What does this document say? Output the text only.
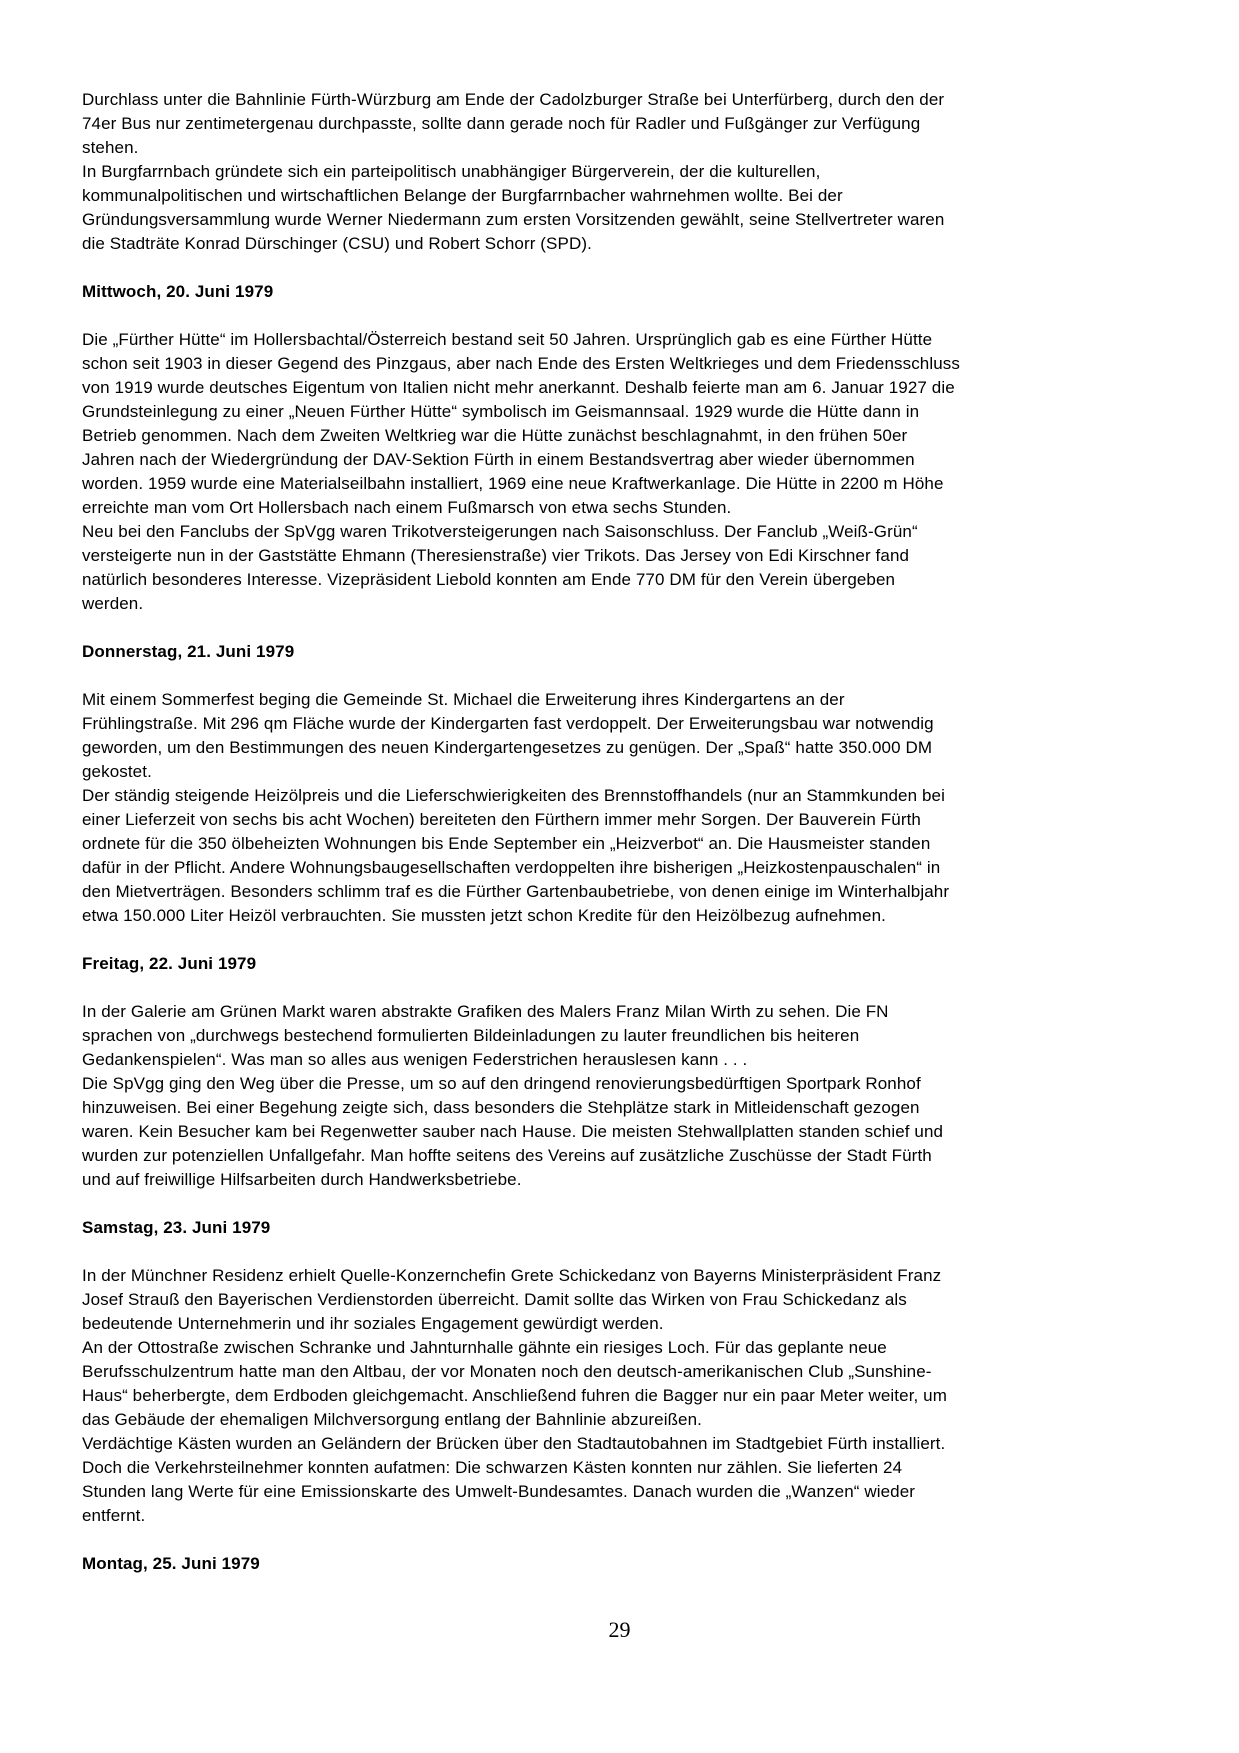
Durchlass unter die Bahnlinie Fürth-Würzburg am Ende der Cadolzburger Straße bei Unterfürberg, durch den der
74er Bus nur zentimetergenau durchpasste, sollte dann gerade noch für Radler und Fußgänger zur Verfügung
stehen.
In Burgfarrnbach gründete sich ein parteipolitisch unabhängiger Bürgerverein, der die kulturellen,
kommunalpolitischen und wirtschaftlichen Belange der Burgfarrnbacher wahrnehmen wollte. Bei der
Gründungsversammlung wurde Werner Niedermann zum ersten Vorsitzenden gewählt, seine Stellvertreter waren
die Stadträte Konrad Dürschinger (CSU) und Robert Schorr (SPD).
Mittwoch, 20. Juni 1979
Die „Fürther Hütte“ im Hollersbachtal/Österreich bestand seit 50 Jahren. Ursprünglich gab es eine Fürther Hütte
schon seit 1903 in dieser Gegend des Pinzgaus, aber nach Ende des Ersten Weltkrieges und dem Friedensschluss
von 1919 wurde deutsches Eigentum von Italien nicht mehr anerkannt. Deshalb feierte man am 6. Januar 1927 die
Grundsteinlegung zu einer „Neuen Fürther Hütte“ symbolisch im Geismannsaal. 1929 wurde die Hütte dann in
Betrieb genommen. Nach dem Zweiten Weltkrieg war die Hütte zunächst beschlagnahmt, in den frühen 50er
Jahren nach der Wiedergründung der DAV-Sektion Fürth in einem Bestandsvertrag aber wieder übernommen
worden. 1959 wurde eine Materialseilbahn installiert, 1969 eine neue Kraftwerkanlage. Die Hütte in 2200 m Höhe
erreichte man vom Ort Hollersbach nach einem Fußmarsch von etwa sechs Stunden.
Neu bei den Fanclubs der SpVgg waren Trikotversteigerungen nach Saisonschluss. Der Fanclub „Weiß-Grün“
versteigerte nun in der Gaststätte Ehmann (Theresienstraße) vier Trikots. Das Jersey von Edi Kirschner fand
natürlich besonderes Interesse. Vizepräsident Liebold konnten am Ende 770 DM für den Verein übergeben
werden.
Donnerstag, 21. Juni 1979
Mit einem Sommerfest beging die Gemeinde St. Michael die Erweiterung ihres Kindergartens an der
Frühlingstraße. Mit 296 qm Fläche wurde der Kindergarten fast verdoppelt. Der Erweiterungsbau war notwendig
geworden, um den Bestimmungen des neuen Kindergartengesetzes zu genügen. Der „Spaß“ hatte 350.000 DM
gekostet.
Der ständig steigende Heizölpreis und die Lieferschwierigkeiten des Brennstoffhandels (nur an Stammkunden bei
einer Lieferzeit von sechs bis acht Wochen) bereiteten den Fürthern immer mehr Sorgen. Der Bauverein Fürth
ordnete für die 350 ölbeheizten Wohnungen bis Ende September ein „Heizverbot“ an. Die Hausmeister standen
dafür in der Pflicht. Andere Wohnungsbaugesellschaften verdoppelten ihre bisherigen „Heizkostenpauschalen“ in
den Mietverträgen. Besonders schlimm traf es die Fürther Gartenbaubetriebe, von denen einige im Winterhalbjahr
etwa 150.000 Liter Heizöl verbrauchten. Sie mussten jetzt schon Kredite für den Heizölbezug aufnehmen.
Freitag, 22. Juni 1979
In der Galerie am Grünen Markt waren abstrakte Grafiken des Malers Franz Milan Wirth zu sehen. Die FN
sprachen von „durchwegs bestechend formulierten Bildeinladungen zu lauter freundlichen bis heiteren
Gedankenspielen“. Was man so alles aus wenigen Federstrichen herauslesen kann . . .
Die SpVgg ging den Weg über die Presse, um so auf den dringend renovierungsbedürftigen Sportpark Ronhof
hinzuweisen. Bei einer Begehung zeigte sich, dass besonders die Stehplätze stark in Mitleidenschaft gezogen
waren. Kein Besucher kam bei Regenwetter sauber nach Hause. Die meisten Stehwallplatten standen schief und
wurden zur potenziellen Unfallgefahr. Man hoffte seitens des Vereins auf zusätzliche Zuschüsse der Stadt Fürth
und auf freiwillige Hilfsarbeiten durch Handwerksbetriebe.
Samstag, 23. Juni 1979
In der Münchner Residenz erhielt Quelle-Konzernchefin Grete Schickedanz von Bayerns Ministerpräsident Franz
Josef Strauß den Bayerischen Verdienstorden überreicht. Damit sollte das Wirken von Frau Schickedanz als
bedeutende Unternehmerin und ihr soziales Engagement gewürdigt werden.
An der Ottostraße zwischen Schranke und Jahnturnhalle gähnte ein riesiges Loch. Für das geplante neue
Berufsschulzentrum hatte man den Altbau, der vor Monaten noch den deutsch-amerikanischen Club „Sunshine-
Haus“ beherbergte, dem Erdboden gleichgemacht. Anschließend fuhren die Bagger nur ein paar Meter weiter, um
das Gebäude der ehemaligen Milchversorgung entlang der Bahnlinie abzureißen.
Verdächtige Kästen wurden an Geländern der Brücken über den Stadtautobahnen im Stadtgebiet Fürth installiert.
Doch die Verkehrsteilnehmer konnten aufatmen: Die schwarzen Kästen konnten nur zählen. Sie lieferten 24
Stunden lang Werte für eine Emissionskarte des Umwelt-Bundesamtes. Danach wurden die „Wanzen“ wieder
entfernt.
Montag, 25. Juni 1979
29
